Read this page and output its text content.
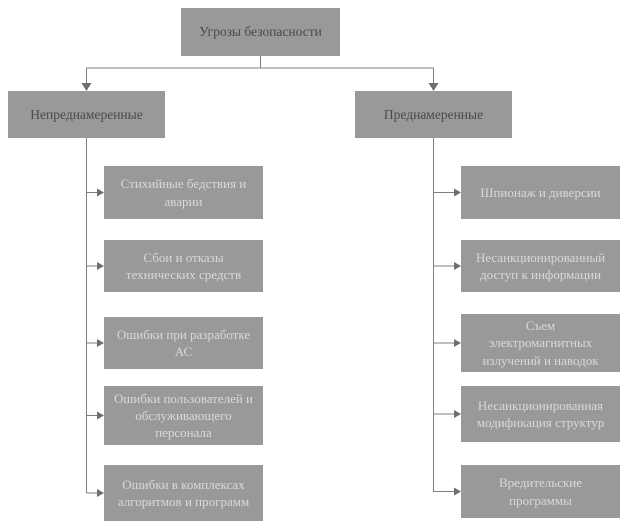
Угрозы безопасности
Непреднамеренные	Преднамеренные
Стихийные бедствия и аварии
Сбои и отказы технических средств
Ошибки при разработке АС
Ошибки пользователей и обслуживающего персонала
Ошибки в комплексах алгоритмов и программ
Шпионаж и диверсии
Несанкционированный доступ к информации
Съем электромагнитных излучений и наводок
Несанкционированная модификация структур
Вредительские программы
